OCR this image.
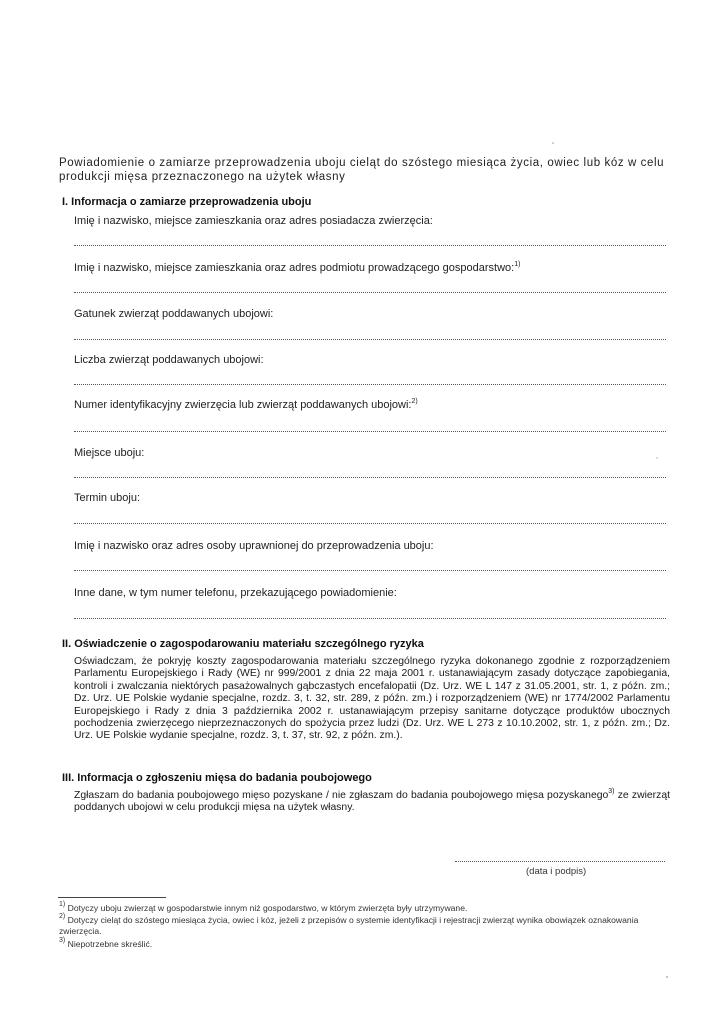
Powiadomienie o zamiarze przeprowadzenia uboju cieląt do szóstego miesiąca życia, owiec lub kóz w celu produkcji mięsa przeznaczonego na użytek własny
I. Informacja o zamiarze przeprowadzenia uboju
Imię i nazwisko, miejsce zamieszkania oraz adres posiadacza zwierzęcia:
Imię i nazwisko, miejsce zamieszkania oraz adres podmiotu prowadzącego gospodarstwo:$^{1)}$
Gatunek zwierząt poddawanych ubojowi:
Liczba zwierząt poddawanych ubojowi:
Numer identyfikacyjny zwierzęcia lub zwierząt poddawanych ubojowi:$^{2)}$
Miejsce uboju:
Termin uboju:
Imię i nazwisko oraz adres osoby uprawnionej do przeprowadzenia uboju:
Inne dane, w tym numer telefonu, przekazującego powiadomienie:
II. Oświadczenie o zagospodarowaniu materiału szczególnego ryzyka
Oświadczam, że pokryję koszty zagospodarowania materiału szczególnego ryzyka dokonanego zgodnie z rozporządzeniem Parlamentu Europejskiego i Rady (WE) nr 999/2001 z dnia 22 maja 2001 r. ustanawiającym zasady dotyczące zapobiegania, kontroli i zwalczania niektórych pasażowalnych gąbczastych encefalopatii (Dz. Urz. WE L 147 z 31.05.2001, str. 1, z późn. zm.; Dz. Urz. UE Polskie wydanie specjalne, rozdz. 3, t. 32, str. 289, z późn. zm.) i rozporządzeniem (WE) nr 1774/2002 Parlamentu Europejskiego i Rady z dnia 3 października 2002 r. ustanawiającym przepisy sanitarne dotyczące produktów ubocznych pochodzenia zwierzęcego nieprzeznaczonych do spożycia przez ludzi (Dz. Urz. WE L 273 z 10.10.2002, str. 1, z późn. zm.; Dz. Urz. UE Polskie wydanie specjalne, rozdz. 3, t. 37, str. 92, z późn. zm.).
III. Informacja o zgłoszeniu mięsa do badania poubojowego
Zgłaszam do badania poubojowego mięso pozyskane / nie zgłaszam do badania poubojowego mięsa pozyskanego$^{3)}$ ze zwierząt poddanych ubojowi w celu produkcji mięsa na użytek własny.
(data i podpis)
$^{1)}$ Dotyczy uboju zwierząt w gospodarstwie innym niż gospodarstwo, w którym zwierzęta były utrzymywane.
$^{2)}$ Dotyczy cieląt do szóstego miesiąca życia, owiec i kóz, jeżeli z przepisów o systemie identyfikacji i rejestracji zwierząt wynika obowiązek oznakowania zwierzęcia.
$^{3)}$ Niepotrzebne skreślić.
